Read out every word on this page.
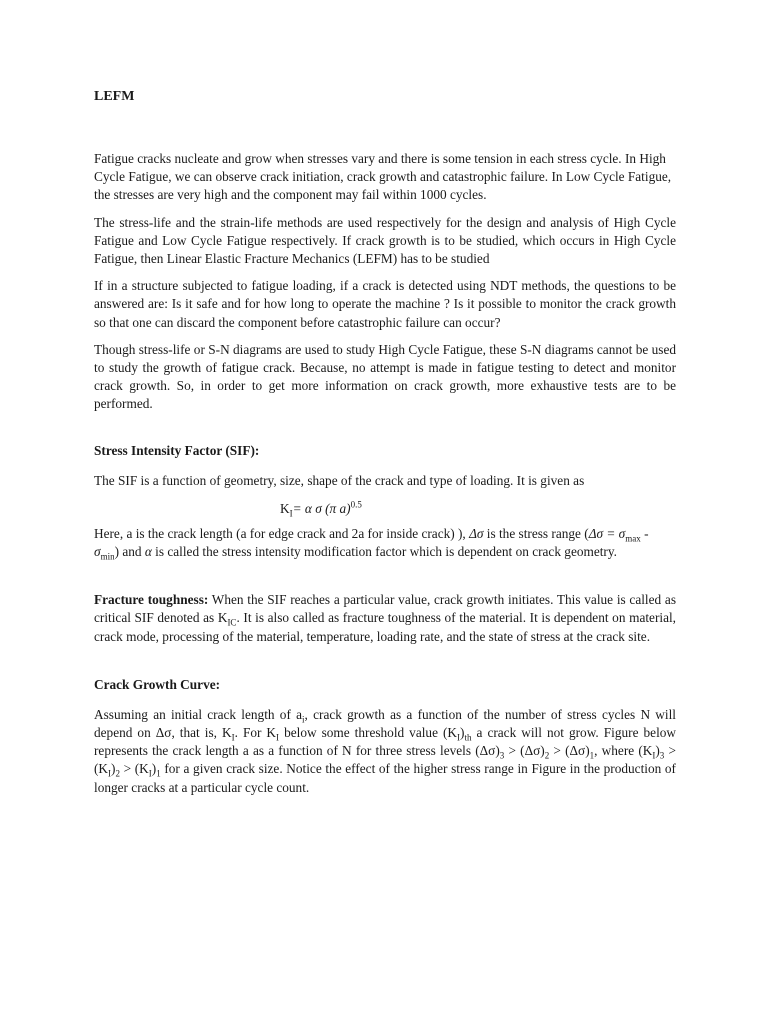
LEFM

Fatigue cracks nucleate and grow when stresses vary and there is some tension in each stress cycle. In High Cycle Fatigue, we can observe crack initiation, crack growth and catastrophic failure. In Low Cycle Fatigue, the stresses are very high and the component may fail within 1000 cycles.

The stress-life and the strain-life methods are used respectively for the design and analysis of High Cycle Fatigue and Low Cycle Fatigue respectively. If crack growth is to be studied, which occurs in High Cycle Fatigue, then Linear Elastic Fracture Mechanics (LEFM) has to be studied

If in a structure subjected to fatigue loading, if a crack is detected using NDT methods, the questions to be answered are: Is it safe and for how long to operate the machine ? Is it possible to monitor the crack growth so that one can discard the component before catastrophic failure can occur?

Though stress-life or S-N diagrams are used to study High Cycle Fatigue, these S-N diagrams cannot be used to study the growth of fatigue crack. Because, no attempt is made in fatigue testing to detect and monitor crack growth. So, in order to get more information on crack growth, more exhaustive tests are to be performed.

Stress Intensity Factor (SIF):

The SIF is a function of geometry, size, shape of the crack and type of loading. It is given as

$K_I= \alpha$ σ (π a)$^{0.5}$

Here, a is the crack length (a for edge crack and 2a for inside crack) ), Δσ is the stress range $(\Delta\sigma = \sigma_{max} - \sigma_{min})$ and α is called the stress intensity modification factor which is dependent on crack geometry.

Fracture toughness: When the SIF reaches a particular value, crack growth initiates. This value is called as critical SIF denoted as $K_{IC}$. It is also called as fracture toughness of the material. It is dependent on material, crack mode, processing of the material, temperature, loading rate, and the state of stress at the crack site.

Crack Growth Curve:

Assuming an initial crack length of $a_i$, crack growth as a function of the number of stress cycles N will depend on Δσ, that is, $K_I$. For $K_I$ below some threshold value $(K_I)_{th}$ a crack will not grow. Figure below represents the crack length a as a function of N for three stress levels $(\Delta\sigma)_3 > (\Delta\sigma)_2 > (\Delta\sigma)_1$, where $(K_I)_3 > (K_I)_2 > (K_I)_1$ for a given crack size. Notice the effect of the higher stress range in Figure in the production of longer cracks at a particular cycle count.
